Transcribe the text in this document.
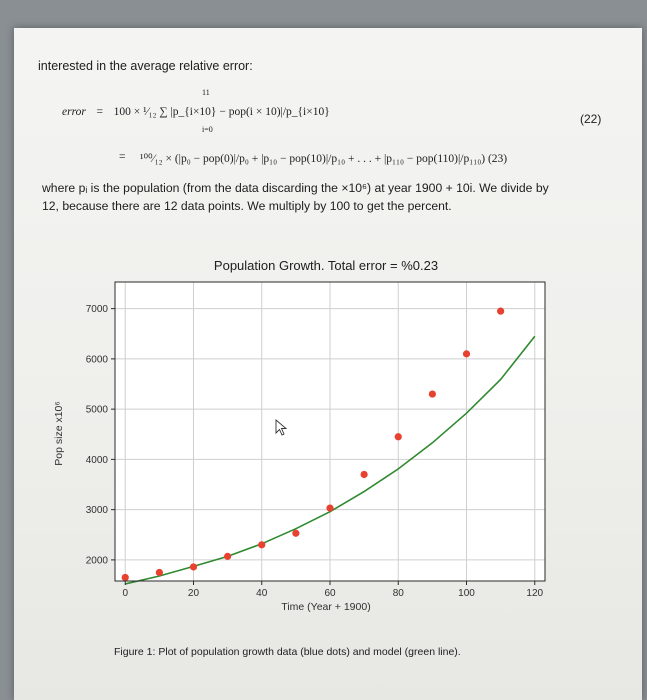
interested in the average relative error:
error = 100 × ¹⁄₁₂ ∑ |p_{i×10} − pop(i × 10)|/p_{i×10}
11
i=0
(22)
= ¹⁰⁰⁄₁₂ × (|p₀ − pop(0)|/p₀ + |p₁₀ − pop(10)|/p₁₀ + . . . + |p₁₁₀ − pop(110)|/p₁₁₀) (23)
where pᵢ is the population (from the data discarding the ×10⁶) at year 1900 + 10i. We divide by
12, because there are 12 data points. We multiply by 100 to get the percent.
0	20	40	60	80	100	120
2000
3000
4000
5000
6000
7000
Population Growth. Total error = %0.23
Time (Year + 1900)
Pop size x10⁶
Figure 1: Plot of population growth data (blue dots) and model (green line).
